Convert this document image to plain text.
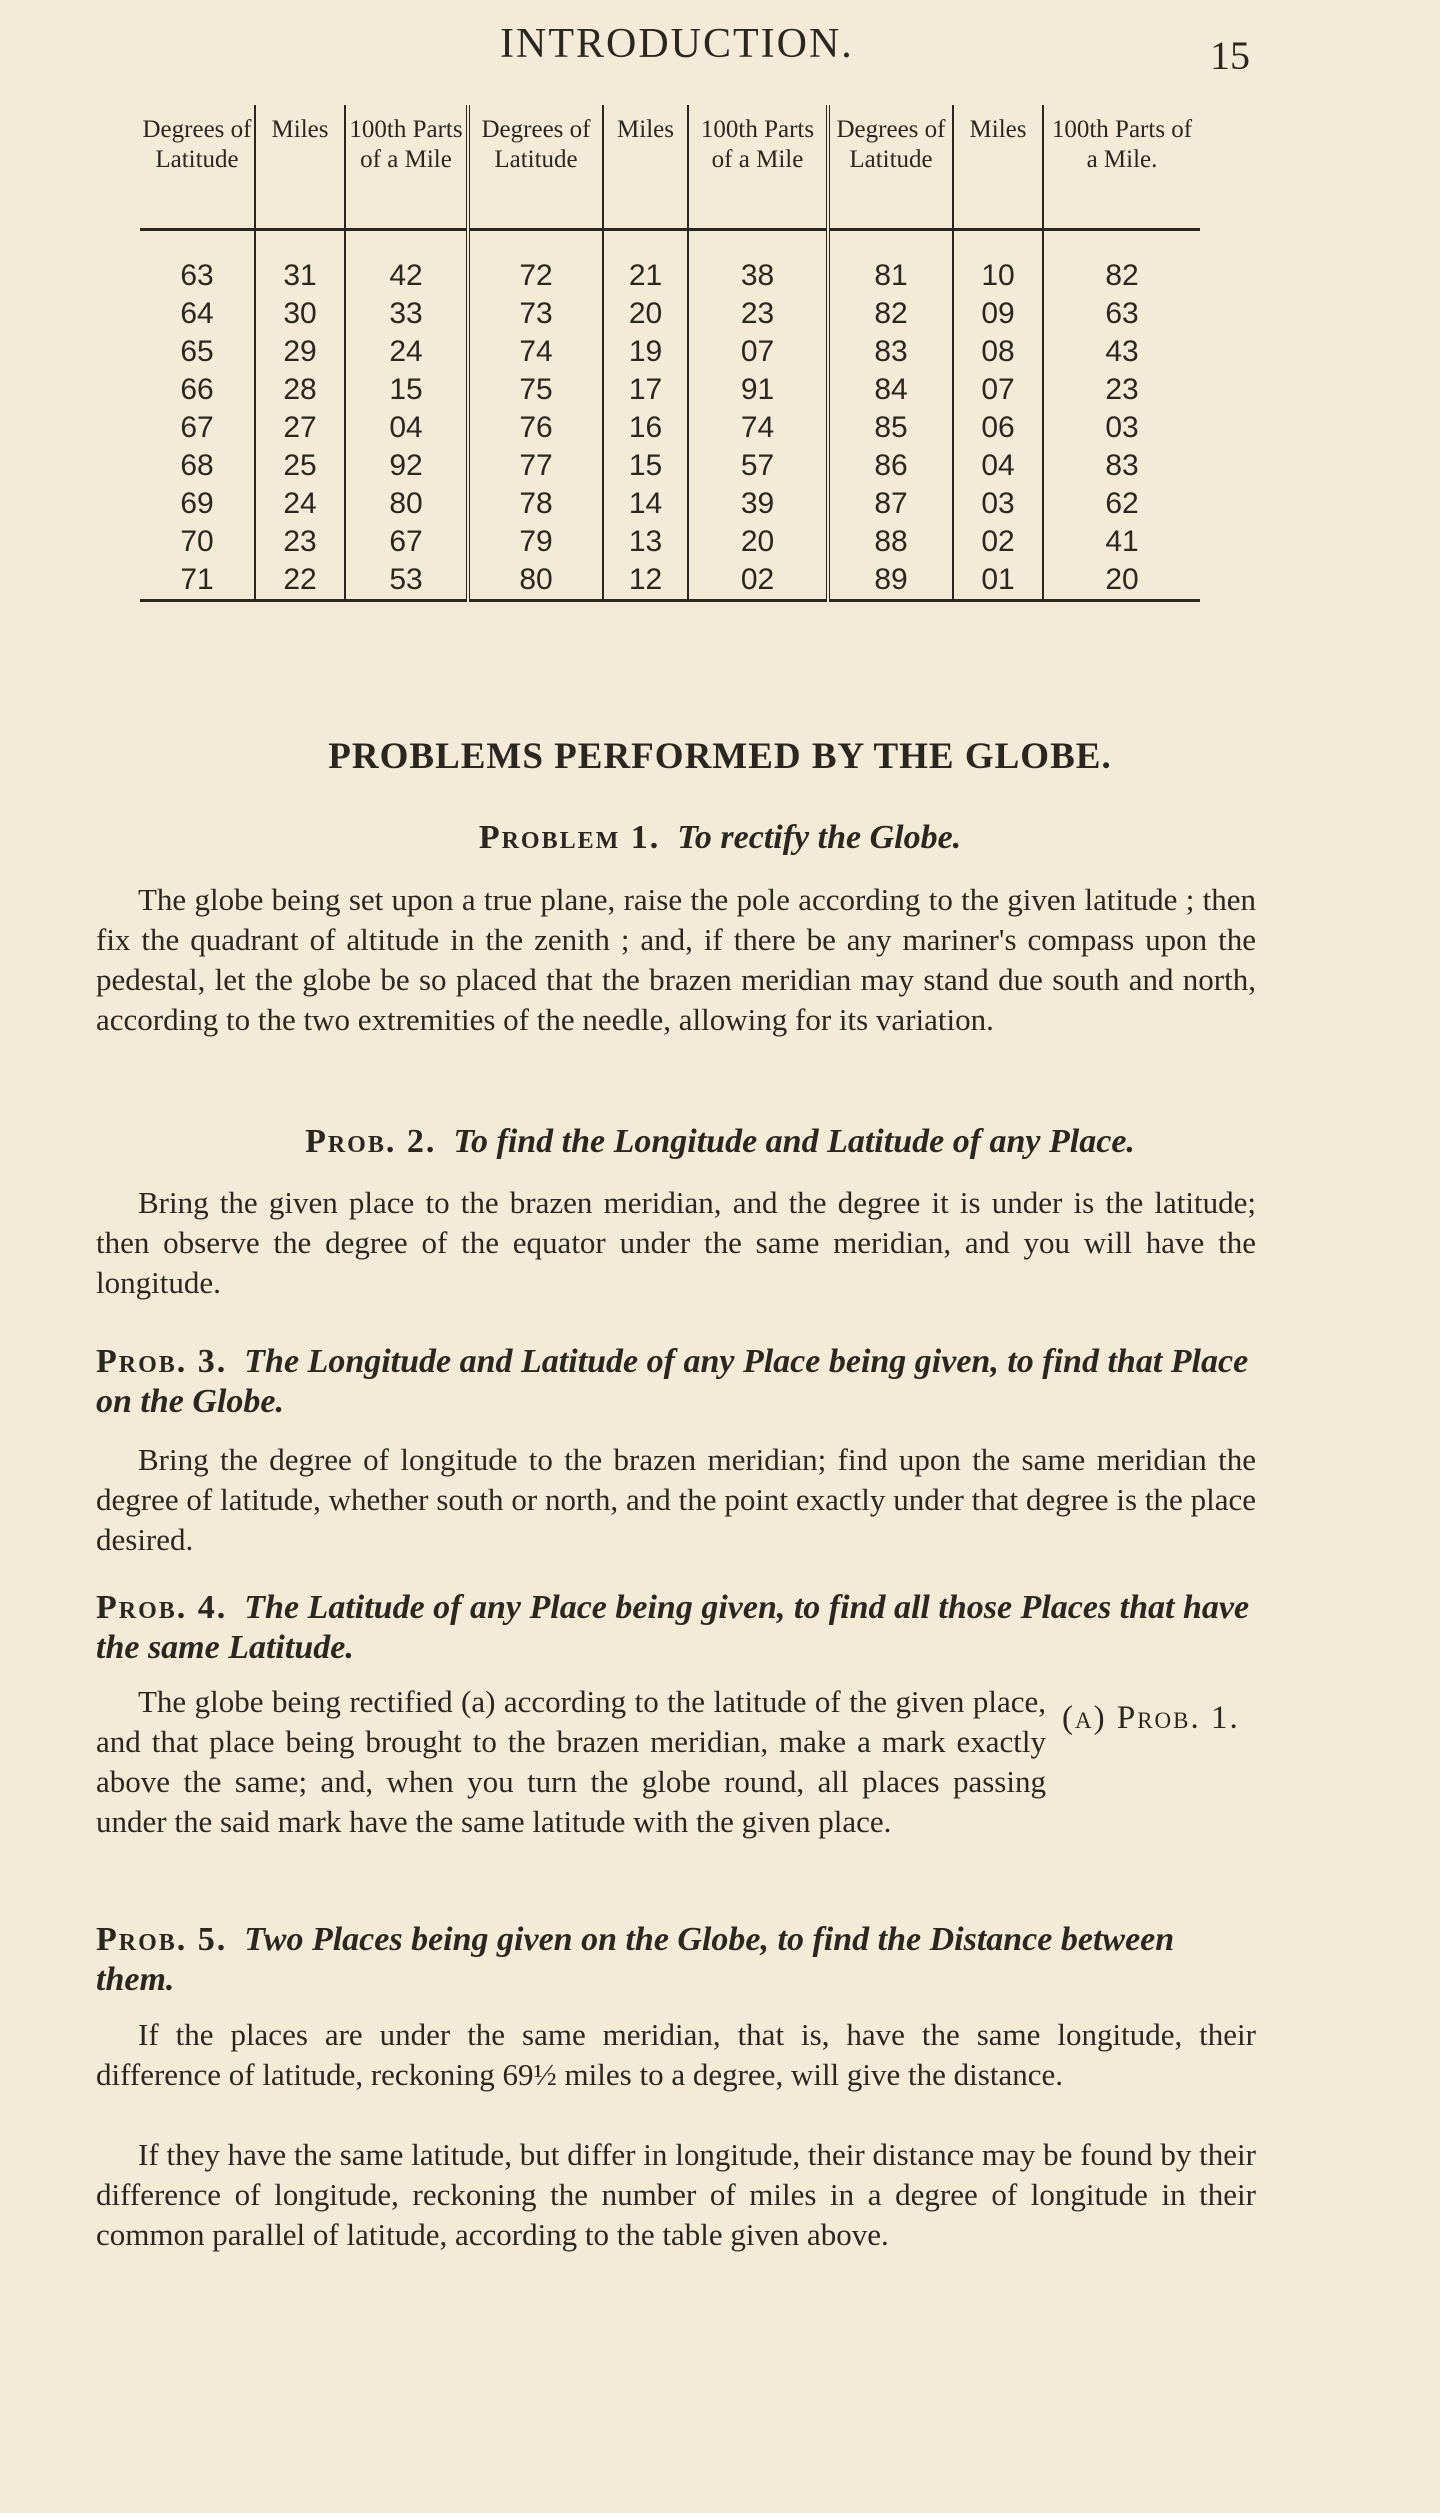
INTRODUCTION.	15
Degrees of Latitude	Miles	100th Parts of a Mile	Degrees of Latitude	Miles	100th Parts of a Mile	Degrees of Latitude	Miles	100th Parts of a Mile.

63	31	42	72	21	38	81	10	82
64	30	33	73	20	23	82	09	63
65	29	24	74	19	07	83	08	43
66	28	15	75	17	91	84	07	23
67	27	04	76	16	74	85	06	03
68	25	92	77	15	57	86	04	83
69	24	80	78	14	39	87	03	62
70	23	67	79	13	20	88	02	41
71	22	53	80	12	02	89	01	20
PROBLEMS PERFORMED BY THE GLOBE.
Problem 1. To rectify the Globe.
The globe being set upon a true plane, raise the pole according to the given latitude ; then fix the quadrant of altitude in the zenith ; and, if there be any mariner's compass upon the pedestal, let the globe be so placed that the brazen meridian may stand due south and north, according to the two extremities of the needle, allowing for its variation.
Prob. 2. To find the Longitude and Latitude of any Place.
Bring the given place to the brazen meridian, and the degree it is under is the latitude; then observe the degree of the equator under the same meridian, and you will have the longitude.
Prob. 3. The Longitude and Latitude of any Place being given, to find that Place on the Globe.
Bring the degree of longitude to the brazen meridian; find upon the same meridian the degree of latitude, whether south or north, and the point exactly under that degree is the place desired.
Prob. 4. The Latitude of any Place being given, to find all those Places that have the same Latitude.
The globe being rectified (a) according to the latitude of the given place, and that place being brought to the brazen meridian, make a mark exactly above the same; and, when you turn the globe round, all places passing under the said mark have the same latitude with the given place.
(a) Prob. 1.
Prob. 5. Two Places being given on the Globe, to find the Distance between them.
If the places are under the same meridian, that is, have the same longitude, their difference of latitude, reckoning 69½ miles to a degree, will give the distance.
If they have the same latitude, but differ in longitude, their distance may be found by their difference of longitude, reckoning the number of miles in a degree of longitude in their common parallel of latitude, according to the table given above.
